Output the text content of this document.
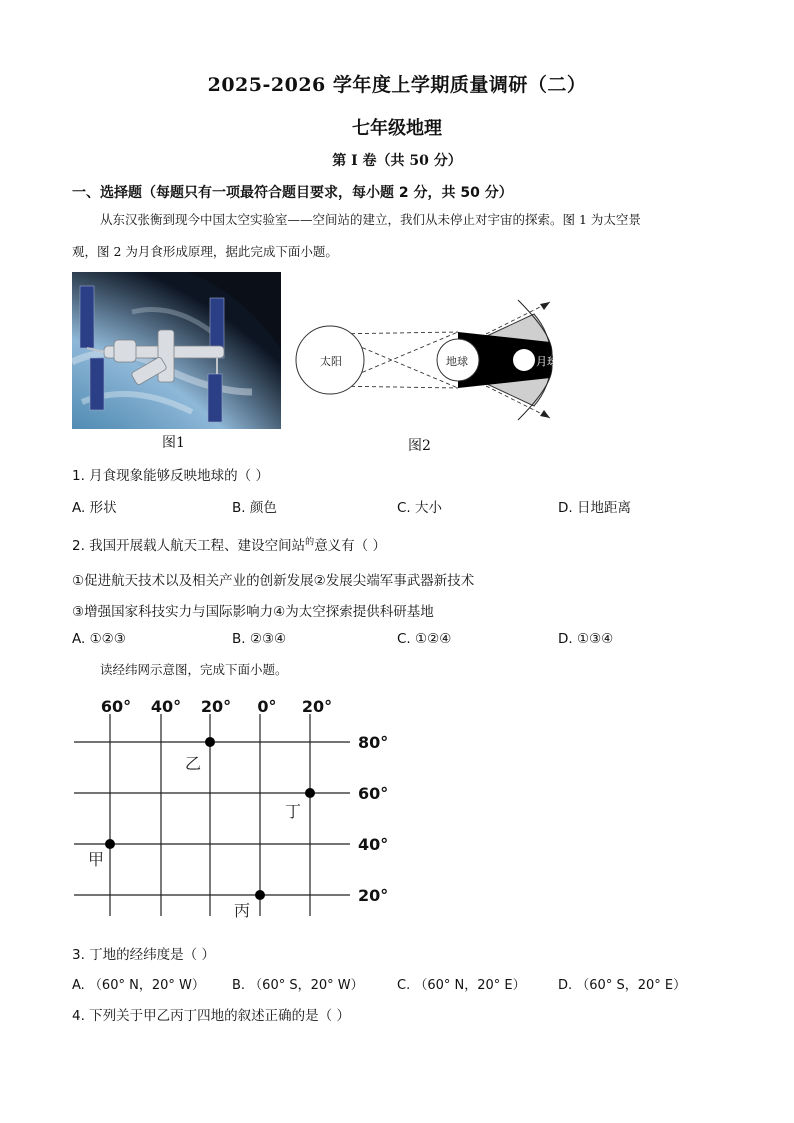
2025-2026 学年度上学期质量调研（二）
七年级地理
第 I 卷（共 50 分）
一、选择题（每题只有一项最符合题目要求，每小题 2 分，共 50 分）
从东汉张衡到现今中国太空实验室——空间站的建立，我们从未停止对宇宙的探索。图 1 为太空景
观，图 2 为月食形成原理，据此完成下面小题。
图1
太阳	地球	月球
图2
1. 月食现象能够反映地球的（ ）
A. 形状	B. 颜色	C. 大小	D. 日地距离
2. 我国开展载人航天工程、建设空间站$^的$意义有（ ）
①促进航天技术以及相关产业的创新发展②发展尖端军事武器新技术
③增强国家科技实力与国际影响力④为太空探索提供科研基地
A. ①②③	B. ②③④	C. ①②④	D. ①③④
读经纬网示意图，完成下面小题。
60° 40° 20° 0° 20°
80°
60°
40°
20°
乙
丁
甲
丙
3. 丁地的经纬度是（ ）
A. （60° N，20° W） B. （60° S，20° W）	C. （60° N，20° E） D. （60° S，20° E）
4. 下列关于甲乙丙丁四地的叙述正确的是（ ）
